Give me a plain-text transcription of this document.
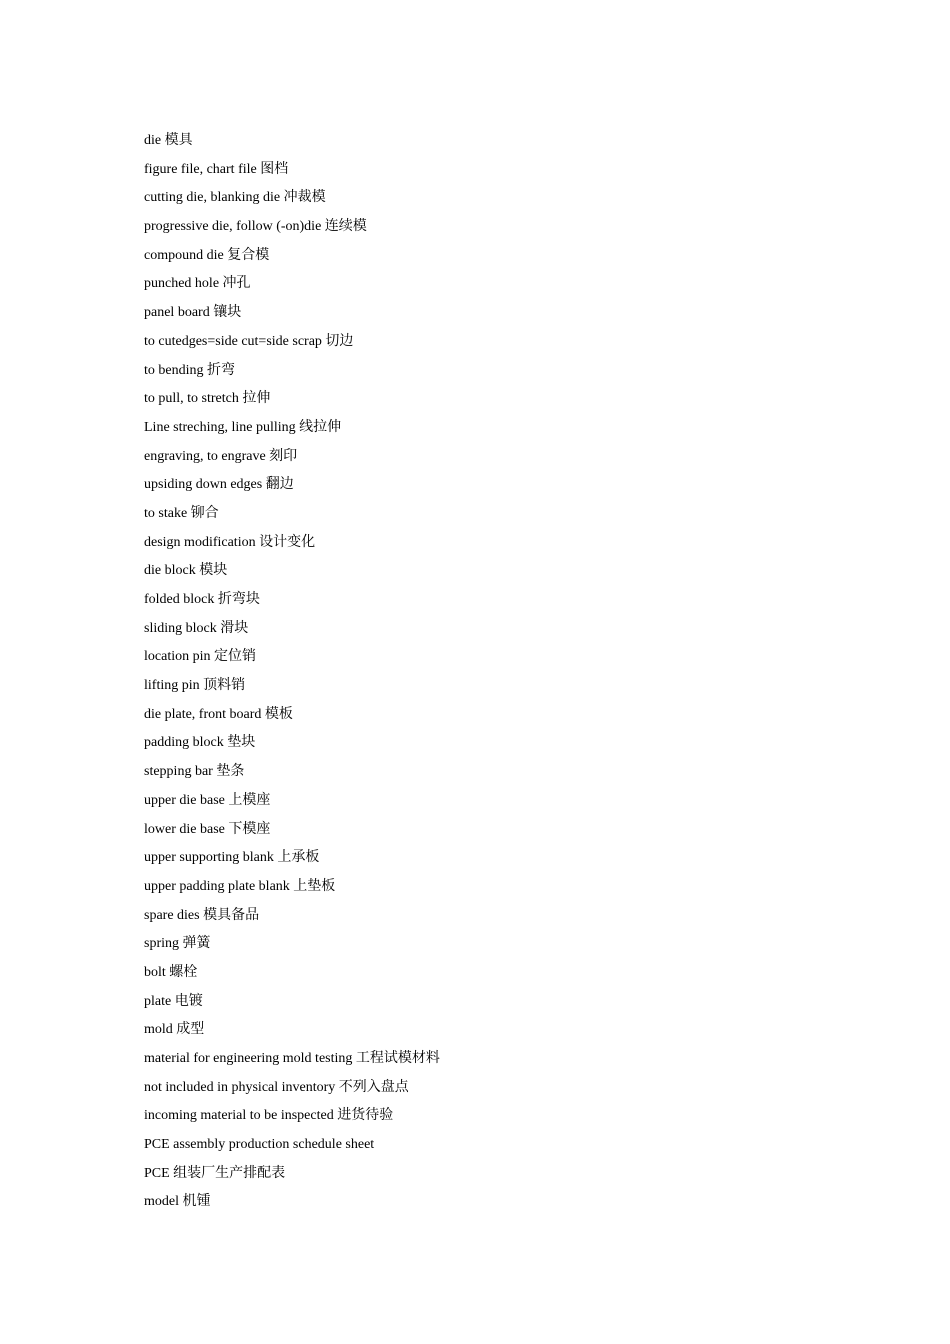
die 模具
figure file, chart file 图档
cutting die, blanking die 冲裁模
progressive die, follow (-on)die 连续模
compound die 复合模
punched hole 冲孔
panel board 镶块
to cutedges=side cut=side scrap 切边
to bending 折弯
to pull, to stretch 拉伸
Line streching, line pulling 线拉伸
engraving, to engrave 刻印
upsiding down edges 翻边
to stake 铆合
design modification 设计变化
die block 模块
folded block 折弯块
sliding block 滑块
location pin 定位销
lifting pin 顶料销
die plate, front board 模板
padding block 垫块
stepping bar 垫条
upper die base 上模座
lower die base 下模座
upper supporting blank 上承板
upper padding plate blank 上垫板
spare dies 模具备品
spring 弹簧
bolt 螺栓
plate 电镀
mold 成型
material for engineering mold testing 工程试模材料
not included in physical inventory 不列入盘点
incoming material to be inspected 进货待验
PCE assembly production schedule sheet
PCE 组装厂生产排配表
model 机锺
